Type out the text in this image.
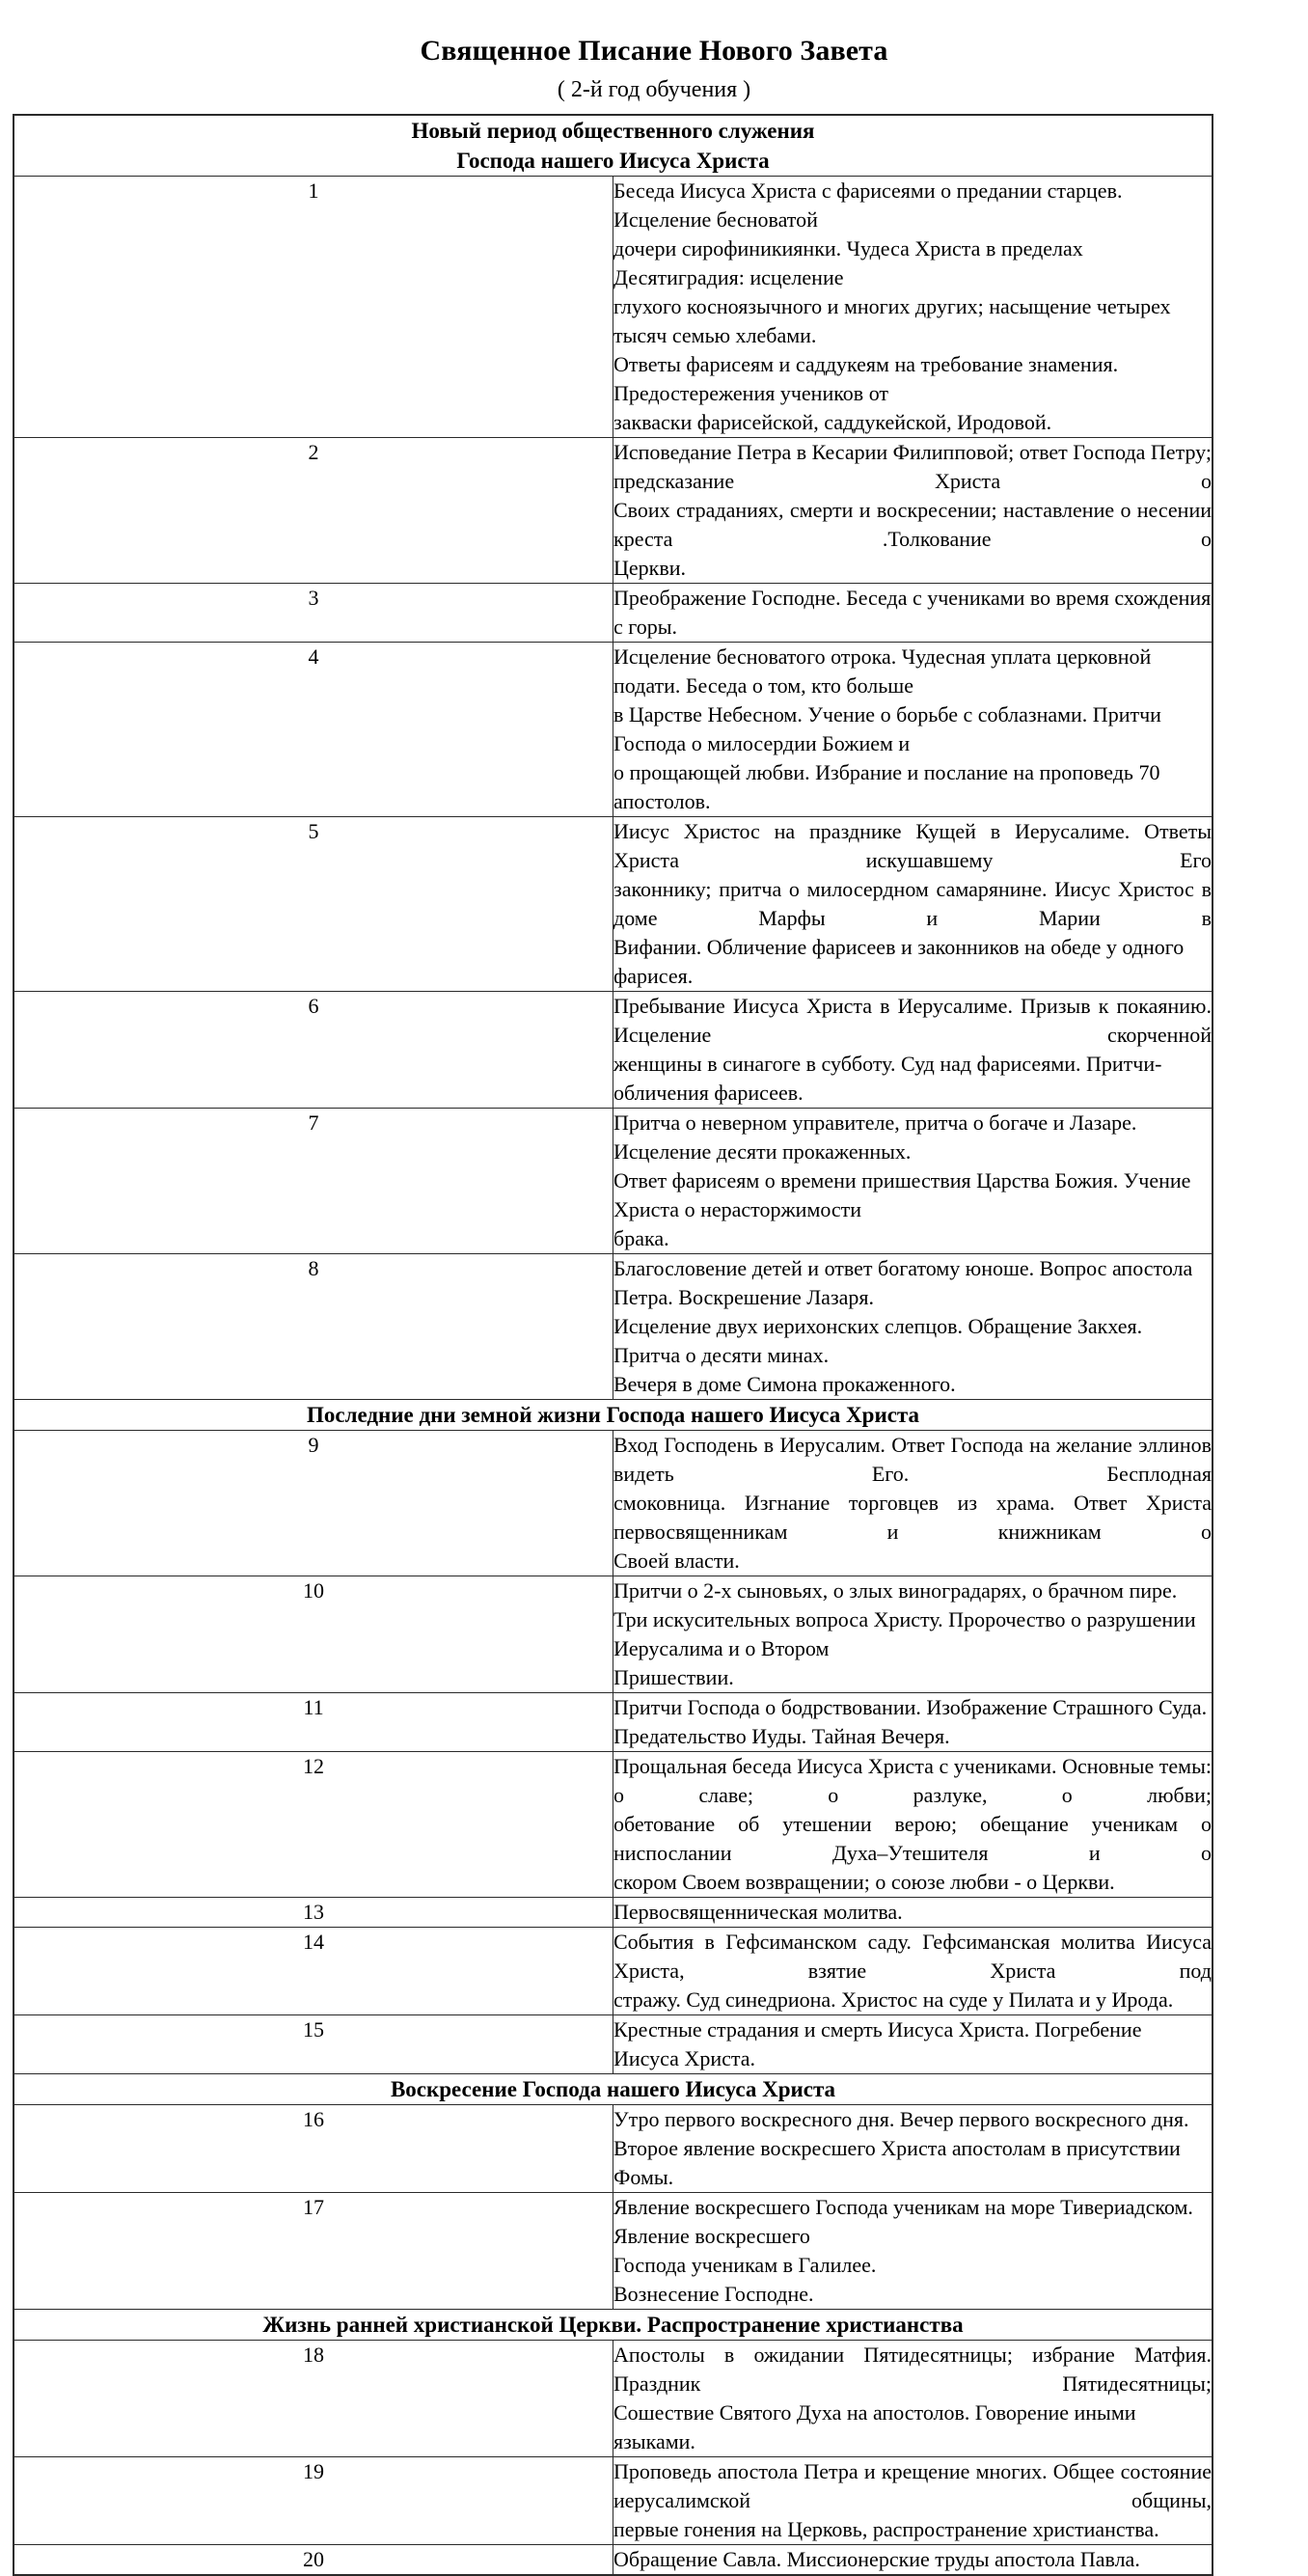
Священное Писание Нового Завета
( 2-й год обучения )
Новый период общественного служения
Господа нашего Иисуса Христа	

1	Беседа Иисуса Христа с фарисеями о предании старцев. Исцеление бесноватой
дочери сирофиникиянки. Чудеса Христа в пределах Десятиградия: исцеление
глухого косноязычного и многих других; насыщение четырех тысяч семью хлебами.
Ответы фарисеям и саддукеям на требование знамения. Предостережения учеников от
закваски фарисейской, саддукейской, Иродовой.

2	Исповедание Петра в Кесарии Филипповой; ответ Господа Петру; предсказание Христа о
Своих страданиях, смерти и воскресении; наставление о несении креста .Толкование о
Церкви.

3	Преображение Господне. Беседа с учениками во время схождения с горы.

4	Исцеление бесноватого отрока. Чудесная уплата церковной подати. Беседа о том, кто больше
в Царстве Небесном. Учение о борьбе с соблазнами. Притчи Господа о милосердии Божием и
о прощающей любви. Избрание и послание на проповедь 70 апостолов.

5	Иисус Христос на празднике Кущей в Иерусалиме. Ответы Христа искушавшему Его
законнику; притча о милосердном самарянине. Иисус Христос в доме Марфы и Марии в
Вифании. Обличение фарисеев и законников на обеде у одного фарисея.

6	Пребывание Иисуса Христа в Иерусалиме. Призыв к покаянию. Исцеление скорченной
женщины в синагоге в субботу. Суд над фарисеями. Притчи-обличения фарисеев.

7	Притча о неверном управителе, притча о богаче и Лазаре. Исцеление десяти прокаженных.
Ответ фарисеям о времени пришествия Царства Божия. Учение Христа о нерасторжимости
брака.

8	Благословение детей и ответ богатому юноше. Вопрос апостола Петра. Воскрешение Лазаря.
Исцеление двух иерихонских слепцов. Обращение Закхея. Притча о десяти минах.
Вечеря в доме Симона прокаженного.

Последние дни земной жизни Господа нашего Иисуса Христа	

9	Вход Господень в Иерусалим. Ответ Господа на желание эллинов видеть Его. Бесплодная
смоковница. Изгнание торговцев из храма. Ответ Христа первосвященникам и книжникам о
Своей власти.

10	Притчи о 2-х сыновьях, о злых виноградарях, о брачном пире.
Три искусительных вопроса Христу. Пророчество о разрушении Иерусалима и о Втором
Пришествии.

11	Притчи Господа о бодрствовании. Изображение Страшного Суда.
Предательство Иуды. Тайная Вечеря.

12	Прощальная беседа Иисуса Христа с учениками. Основные темы: о славе; о разлуке, о любви;
обетование об утешении верою; обещание ученикам о ниспослании Духа–Утешителя и о
скором Своем возвращении; о союзе любви - о Церкви.

13	Первосвященническая молитва.

14	События в Гефсиманском саду. Гефсиманская молитва Иисуса Христа, взятие Христа под
стражу. Суд синедриона. Христос на суде у Пилата и у Ирода.

15	Крестные страдания и смерть Иисуса Христа. Погребение Иисуса Христа.

Воскресение Господа нашего Иисуса Христа	

16	Утро первого воскресного дня. Вечер первого воскресного дня.
Второе явление воскресшего Христа апостолам в присутствии Фомы.

17	Явление воскресшего Господа ученикам на море Тивериадском. Явление воскресшего
Господа ученикам в Галилее.
Вознесение Господне.

Жизнь ранней христианской Церкви. Распространение христианства	

18	Апостолы в ожидании Пятидесятницы; избрание Матфия. Праздник Пятидесятницы;
Сошествие Святого Духа на апостолов. Говорение иными языками.

19	Проповедь апостола Петра и крещение многих. Общее состояние иерусалимской общины,
первые гонения на Церковь, распространение христианства.

20	Обращение Савла. Миссионерские труды апостола Павла.
